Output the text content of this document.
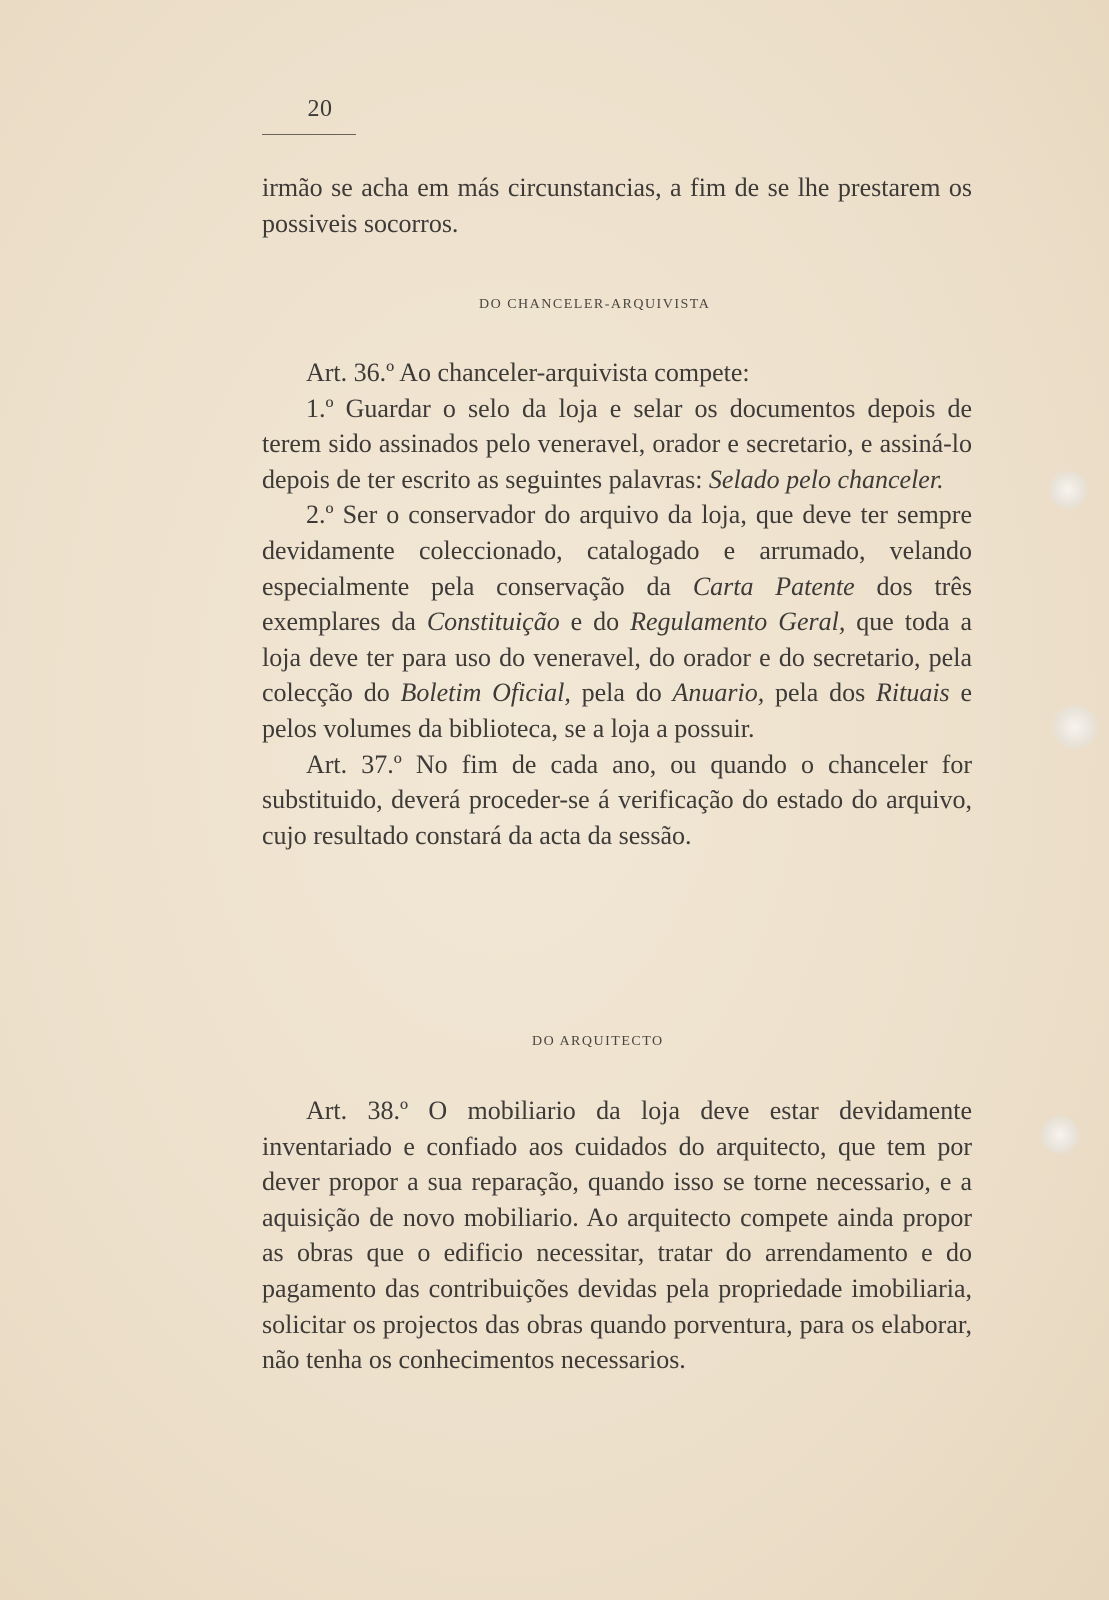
20

irmão se acha em más circunstancias, a fim de se lhe prestarem os possiveis socorros.

DO CHANCELER-ARQUIVISTA

Art. 36.º Ao chanceler-arquivista compete:

1.º Guardar o selo da loja e selar os documentos depois de terem sido assinados pelo veneravel, orador e secretario, e assiná-lo depois de ter escrito as seguintes palavras: Selado pelo chanceler.

2.º Ser o conservador do arquivo da loja, que deve ter sempre devidamente coleccionado, catalogado e arrumado, velando especialmente pela conservação da Carta Patente dos três exemplares da Constituição e do Regulamento Geral, que toda a loja deve ter para uso do veneravel, do orador e do secretario, pela colecção do Boletim Oficial, pela do Anuario, pela dos Rituais e pelos volumes da biblioteca, se a loja a possuir.

Art. 37.º No fim de cada ano, ou quando o chanceler for substituido, deverá proceder-se á verificação do estado do arquivo, cujo resultado constará da acta da sessão.

DO ARQUITECTO

Art. 38.º O mobiliario da loja deve estar devidamente inventariado e confiado aos cuidados do arquitecto, que tem por dever propor a sua reparação, quando isso se torne necessario, e a aquisição de novo mobiliario. Ao arquitecto compete ainda propor as obras que o edificio necessitar, tratar do arrendamento e do pagamento das contribuições devidas pela propriedade imobiliaria, solicitar os projectos das obras quando porventura, para os elaborar, não tenha os conhecimentos necessarios.
